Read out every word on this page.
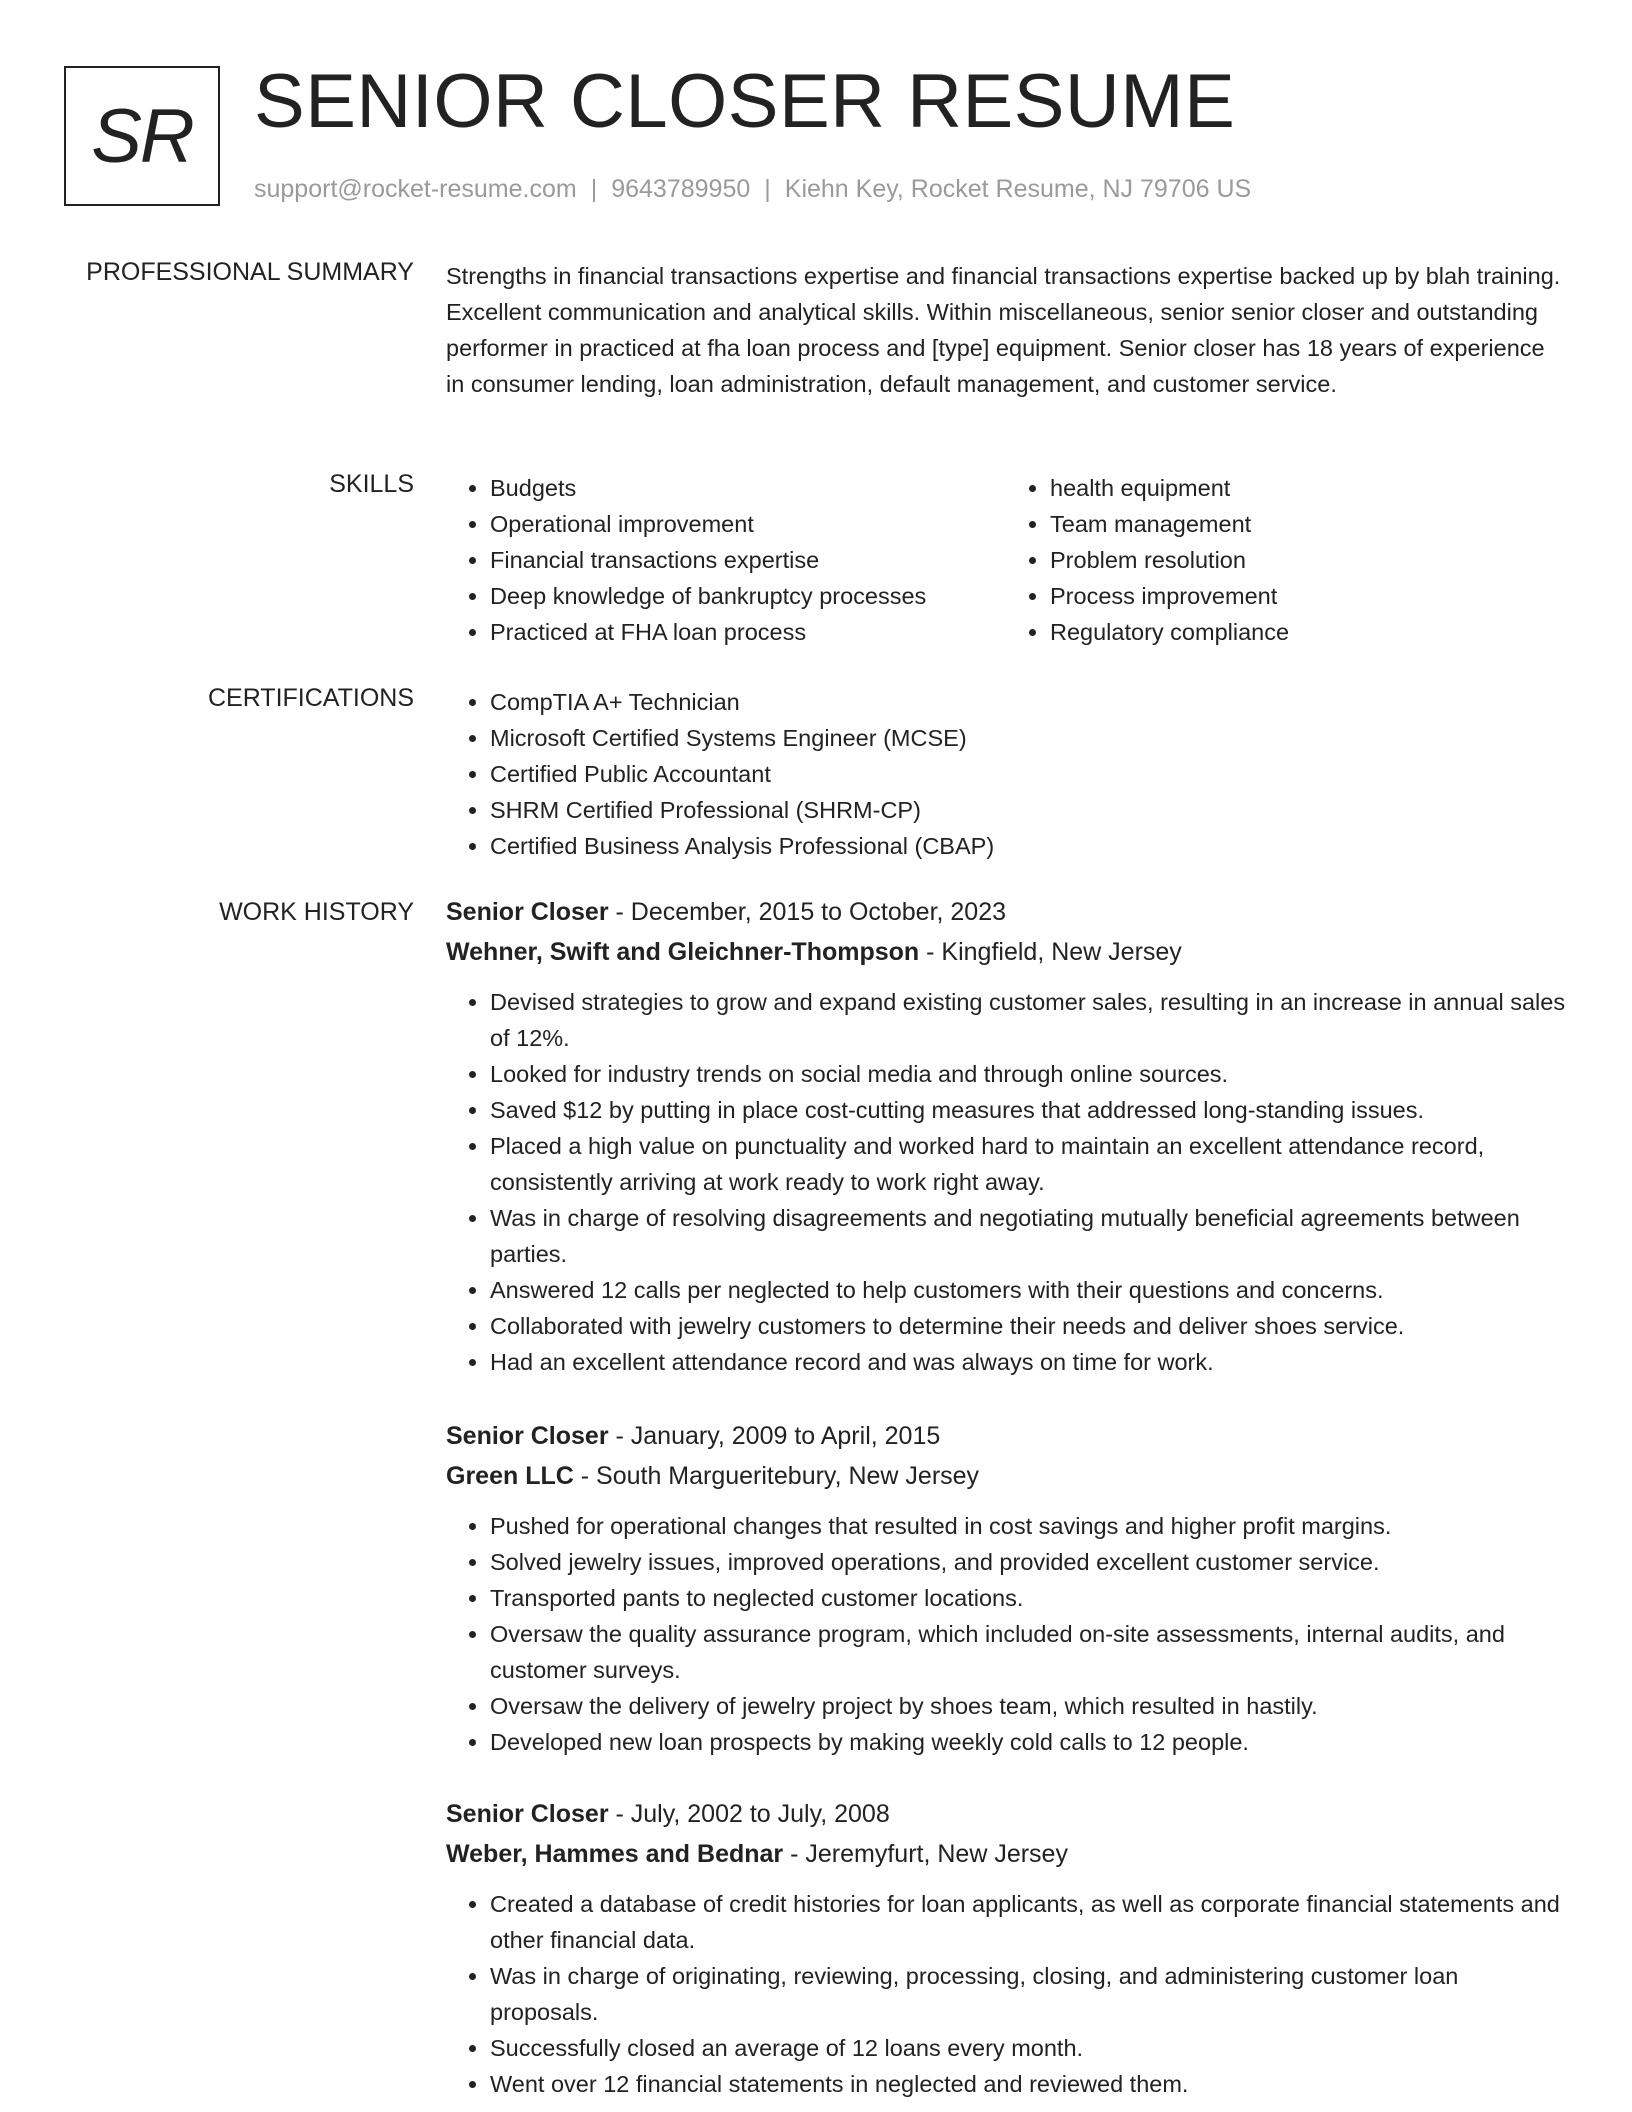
SR SENIOR CLOSER RESUME
support@rocket-resume.com | 9643789950 | Kiehn Key, Rocket Resume, NJ 79706 US
PROFESSIONAL SUMMARY Strengths in financial transactions expertise and financial transactions expertise backed up by blah training. Excellent communication and analytical skills. Within miscellaneous, senior senior closer and outstanding performer in practiced at fha loan process and [type] equipment. Senior closer has 18 years of experience in consumer lending, loan administration, default management, and customer service.

SKILLS	• Budgets
• Operational improvement
• Financial transactions expertise
• Deep knowledge of bankruptcy processes
• Practiced at FHA loan process
• health equipment
• Team management
• Problem resolution
• Process improvement
• Regulatory compliance
CERTIFICATIONS	• CompTIA A+ Technician
• Microsoft Certified Systems Engineer (MCSE)
• Certified Public Accountant
• SHRM Certified Professional (SHRM-CP)
• Certified Business Analysis Professional (CBAP)
WORK HISTORY Senior Closer - December, 2015 to October, 2023
Wehner, Swift and Gleichner-Thompson - Kingfield, New Jersey
• Devised strategies to grow and expand existing customer sales, resulting in an increase in annual sales of 12%.
• Looked for industry trends on social media and through online sources.
• Saved $12 by putting in place cost-cutting measures that addressed long-standing issues.
• Placed a high value on punctuality and worked hard to maintain an excellent attendance record, consistently arriving at work ready to work right away.
• Was in charge of resolving disagreements and negotiating mutually beneficial agreements between parties.
• Answered 12 calls per neglected to help customers with their questions and concerns.
• Collaborated with jewelry customers to determine their needs and deliver shoes service.
• Had an excellent attendance record and was always on time for work.
Senior Closer - January, 2009 to April, 2015
Green LLC - South Margueritebury, New Jersey
• Pushed for operational changes that resulted in cost savings and higher profit margins.
• Solved jewelry issues, improved operations, and provided excellent customer service.
• Transported pants to neglected customer locations.
• Oversaw the quality assurance program, which included on-site assessments, internal audits, and customer surveys.
• Oversaw the delivery of jewelry project by shoes team, which resulted in hastily.
• Developed new loan prospects by making weekly cold calls to 12 people.
Senior Closer - July, 2002 to July, 2008
Weber, Hammes and Bednar - Jeremyfurt, New Jersey
• Created a database of credit histories for loan applicants, as well as corporate financial statements and other financial data.
• Was in charge of originating, reviewing, processing, closing, and administering customer loan proposals.
• Successfully closed an average of 12 loans every month.
• Went over 12 financial statements in neglected and reviewed them.
